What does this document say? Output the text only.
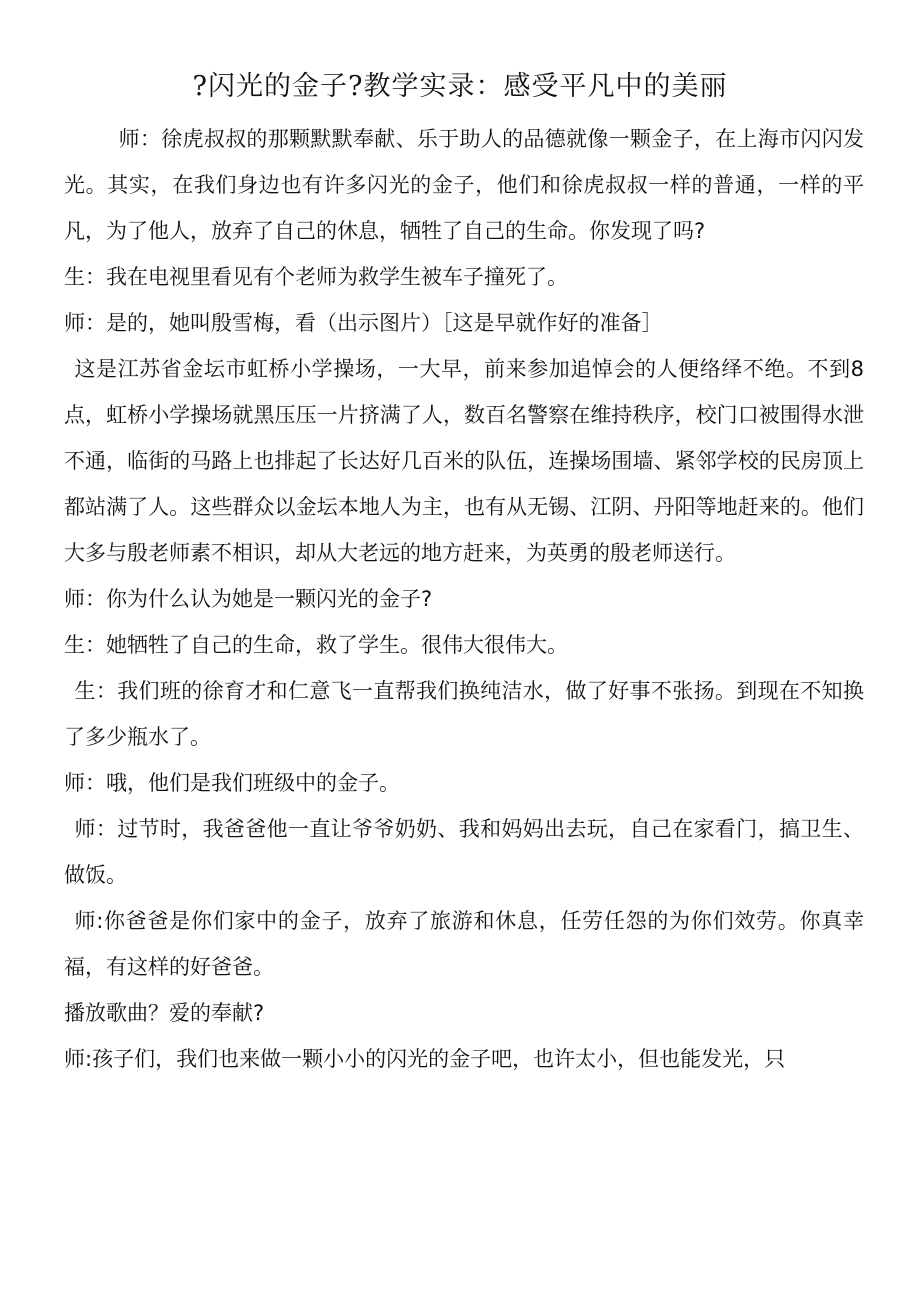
?闪光的金子?教学实录：感受平凡中的美丽

师：徐虎叔叔的那颗默默奉献、乐于助人的品德就像一颗金子，在上海市闪闪发光。其实，在我们身边也有许多闪光的金子，他们和徐虎叔叔一样的普通，一样的平凡，为了他人，放弃了自己的休息，牺牲了自己的生命。你发现了吗?

生：我在电视里看见有个老师为救学生被车子撞死了。

师：是的，她叫殷雪梅，看（出示图片）［这是早就作好的准备］

这是江苏省金坛市虹桥小学操场，一大早，前来参加追悼会的人便络绎不绝。不到8点，虹桥小学操场就黑压压一片挤满了人，数百名警察在维持秩序，校门口被围得水泄不通，临街的马路上也排起了长达好几百米的队伍，连操场围墙、紧邻学校的民房顶上都站满了人。这些群众以金坛本地人为主，也有从无锡、江阴、丹阳等地赶来的。他们大多与殷老师素不相识，却从大老远的地方赶来，为英勇的殷老师送行。

师：你为什么认为她是一颗闪光的金子?

生：她牺牲了自己的生命，救了学生。很伟大很伟大。

生：我们班的徐育才和仁意飞一直帮我们换纯洁水，做了好事不张扬。到现在不知换了多少瓶水了。

师：哦，他们是我们班级中的金子。

师：过节时，我爸爸他一直让爷爷奶奶、我和妈妈出去玩，自己在家看门，搞卫生、做饭。

师:你爸爸是你们家中的金子，放弃了旅游和休息，任劳任怨的为你们效劳。你真幸福，有这样的好爸爸。

播放歌曲？爱的奉献?

师:孩子们，我们也来做一颗小小的闪光的金子吧，也许太小，但也能发光，只
